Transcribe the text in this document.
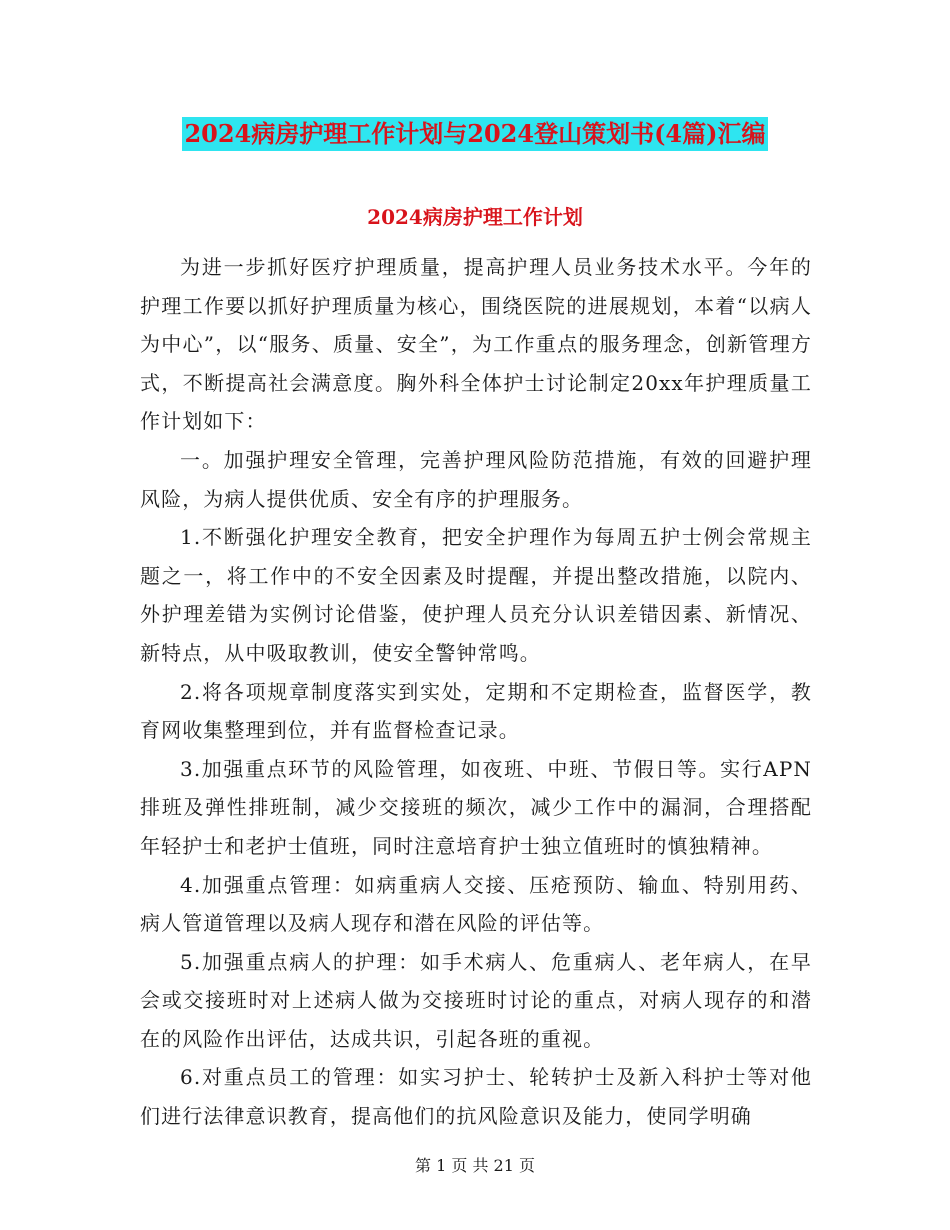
2024病房护理工作计划与2024登山策划书(4篇)汇编
2024病房护理工作计划

为进一步抓好医疗护理质量，提高护理人员业务技术水平。今年的护理工作要以抓好护理质量为核心，围绕医院的进展规划，本着“以病人为中心”，以“服务、质量、安全”，为工作重点的服务理念，创新管理方式，不断提高社会满意度。胸外科全体护士讨论制定20xx年护理质量工作计划如下：

一。加强护理安全管理，完善护理风险防范措施，有效的回避护理风险，为病人提供优质、安全有序的护理服务。

1.不断强化护理安全教育，把安全护理作为每周五护士例会常规主题之一，将工作中的不安全因素及时提醒，并提出整改措施，以院内、外护理差错为实例讨论借鉴，使护理人员充分认识差错因素、新情况、新特点，从中吸取教训，使安全警钟常鸣。

2.将各项规章制度落实到实处，定期和不定期检查，监督医学，教育网收集整理到位，并有监督检查记录。

3.加强重点环节的风险管理，如夜班、中班、节假日等。实行APN排班及弹性排班制，减少交接班的频次，减少工作中的漏洞，合理搭配年轻护士和老护士值班，同时注意培育护士独立值班时的慎独精神。

4.加强重点管理：如病重病人交接、压疮预防、输血、特别用药、病人管道管理以及病人现存和潜在风险的评估等。

5.加强重点病人的护理：如手术病人、危重病人、老年病人，在早会或交接班时对上述病人做为交接班时讨论的重点，对病人现存的和潜在的风险作出评估，达成共识，引起各班的重视。

6.对重点员工的管理：如实习护士、轮转护士及新入科护士等对他们进行法律意识教育，提高他们的抗风险意识及能力，使同学明确

第 1 页 共 21 页
